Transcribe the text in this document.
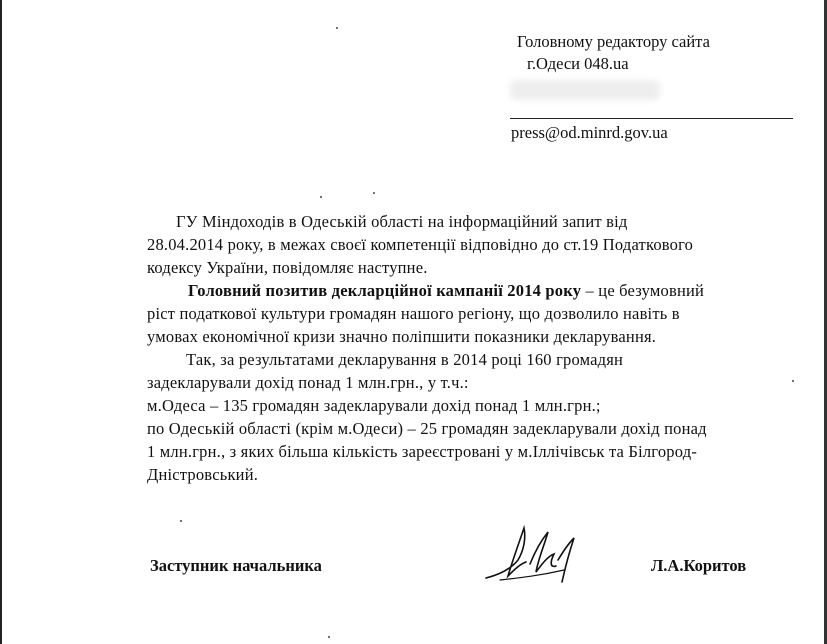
Головному редактору сайта
г.Одеси 048.ua
press@od.minrd.gov.ua
ГУ Міндоходів в Одеській області на інформаційний запит від
28.04.2014 року, в межах своєї компетенції відповідно до ст.19 Податкового
кодексу України, повідомляє наступне.
Головний позитив декларційної кампанії 2014 року – це безумовний
ріст податкової культури громадян нашого регіону, що дозволило навіть в
умовах економічної кризи значно поліпшити показники декларування.
Так, за результатами декларування в 2014 році 160 громадян
задекларували дохід понад 1 млн.грн., у т.ч.:
м.Одеса – 135 громадян задекларували дохід понад 1 млн.грн.;
по Одеській області (крім м.Одеси) – 25 громадян задекларували дохід понад
1 млн.грн., з яких більша кількість зареєстровані у м.Іллічівськ та Білгород-
Дністровський.
Заступник начальника	Л.А.Коритов
